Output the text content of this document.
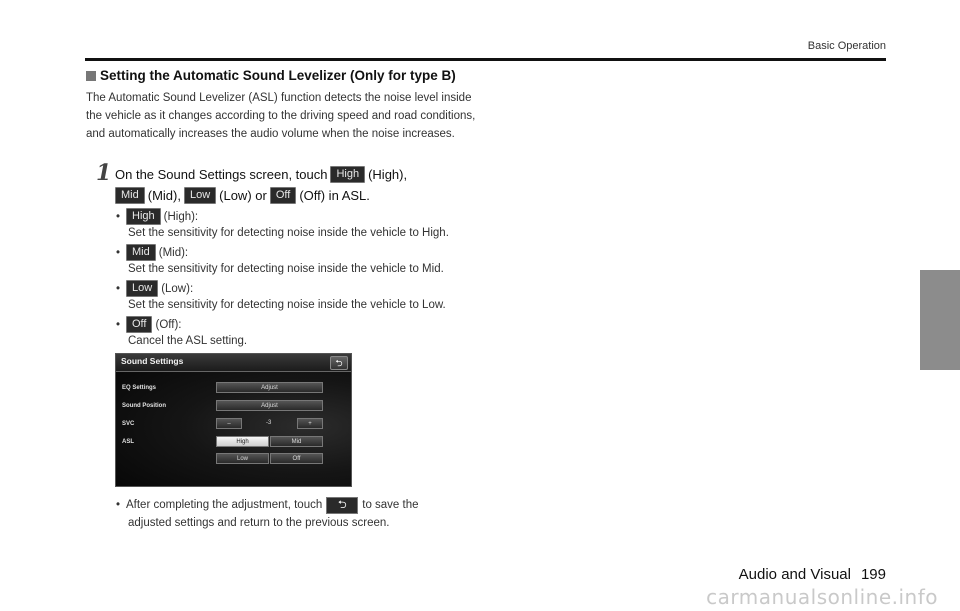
Basic Operation
Setting the Automatic Sound Levelizer (Only for type B)
The Automatic Sound Levelizer (ASL) function detects the noise level inside the vehicle as it changes according to the driving speed and road conditions, and automatically increases the audio volume when the noise increases.
1 On the Sound Settings screen, touch High (High),
Mid (Mid), Low (Low) or Off (Off) in ASL.
•	High (High):
Set the sensitivity for detecting noise inside the vehicle to High.
•	Mid (Mid):
Set the sensitivity for detecting noise inside the vehicle to Mid.
•	Low (Low):
Set the sensitivity for detecting noise inside the vehicle to Low.
•	Off (Off):
Cancel the ASL setting.
Sound Settings	⮌
EQ Settings	Adjust
Sound Position	Adjust
SVC	–	-3	+
ASL	High	Mid
Low	Off
• After completing the adjustment, touch	⮌	to save the
adjusted settings and return to the previous screen.
Audio and Visual 199
carmanualsonline.info
